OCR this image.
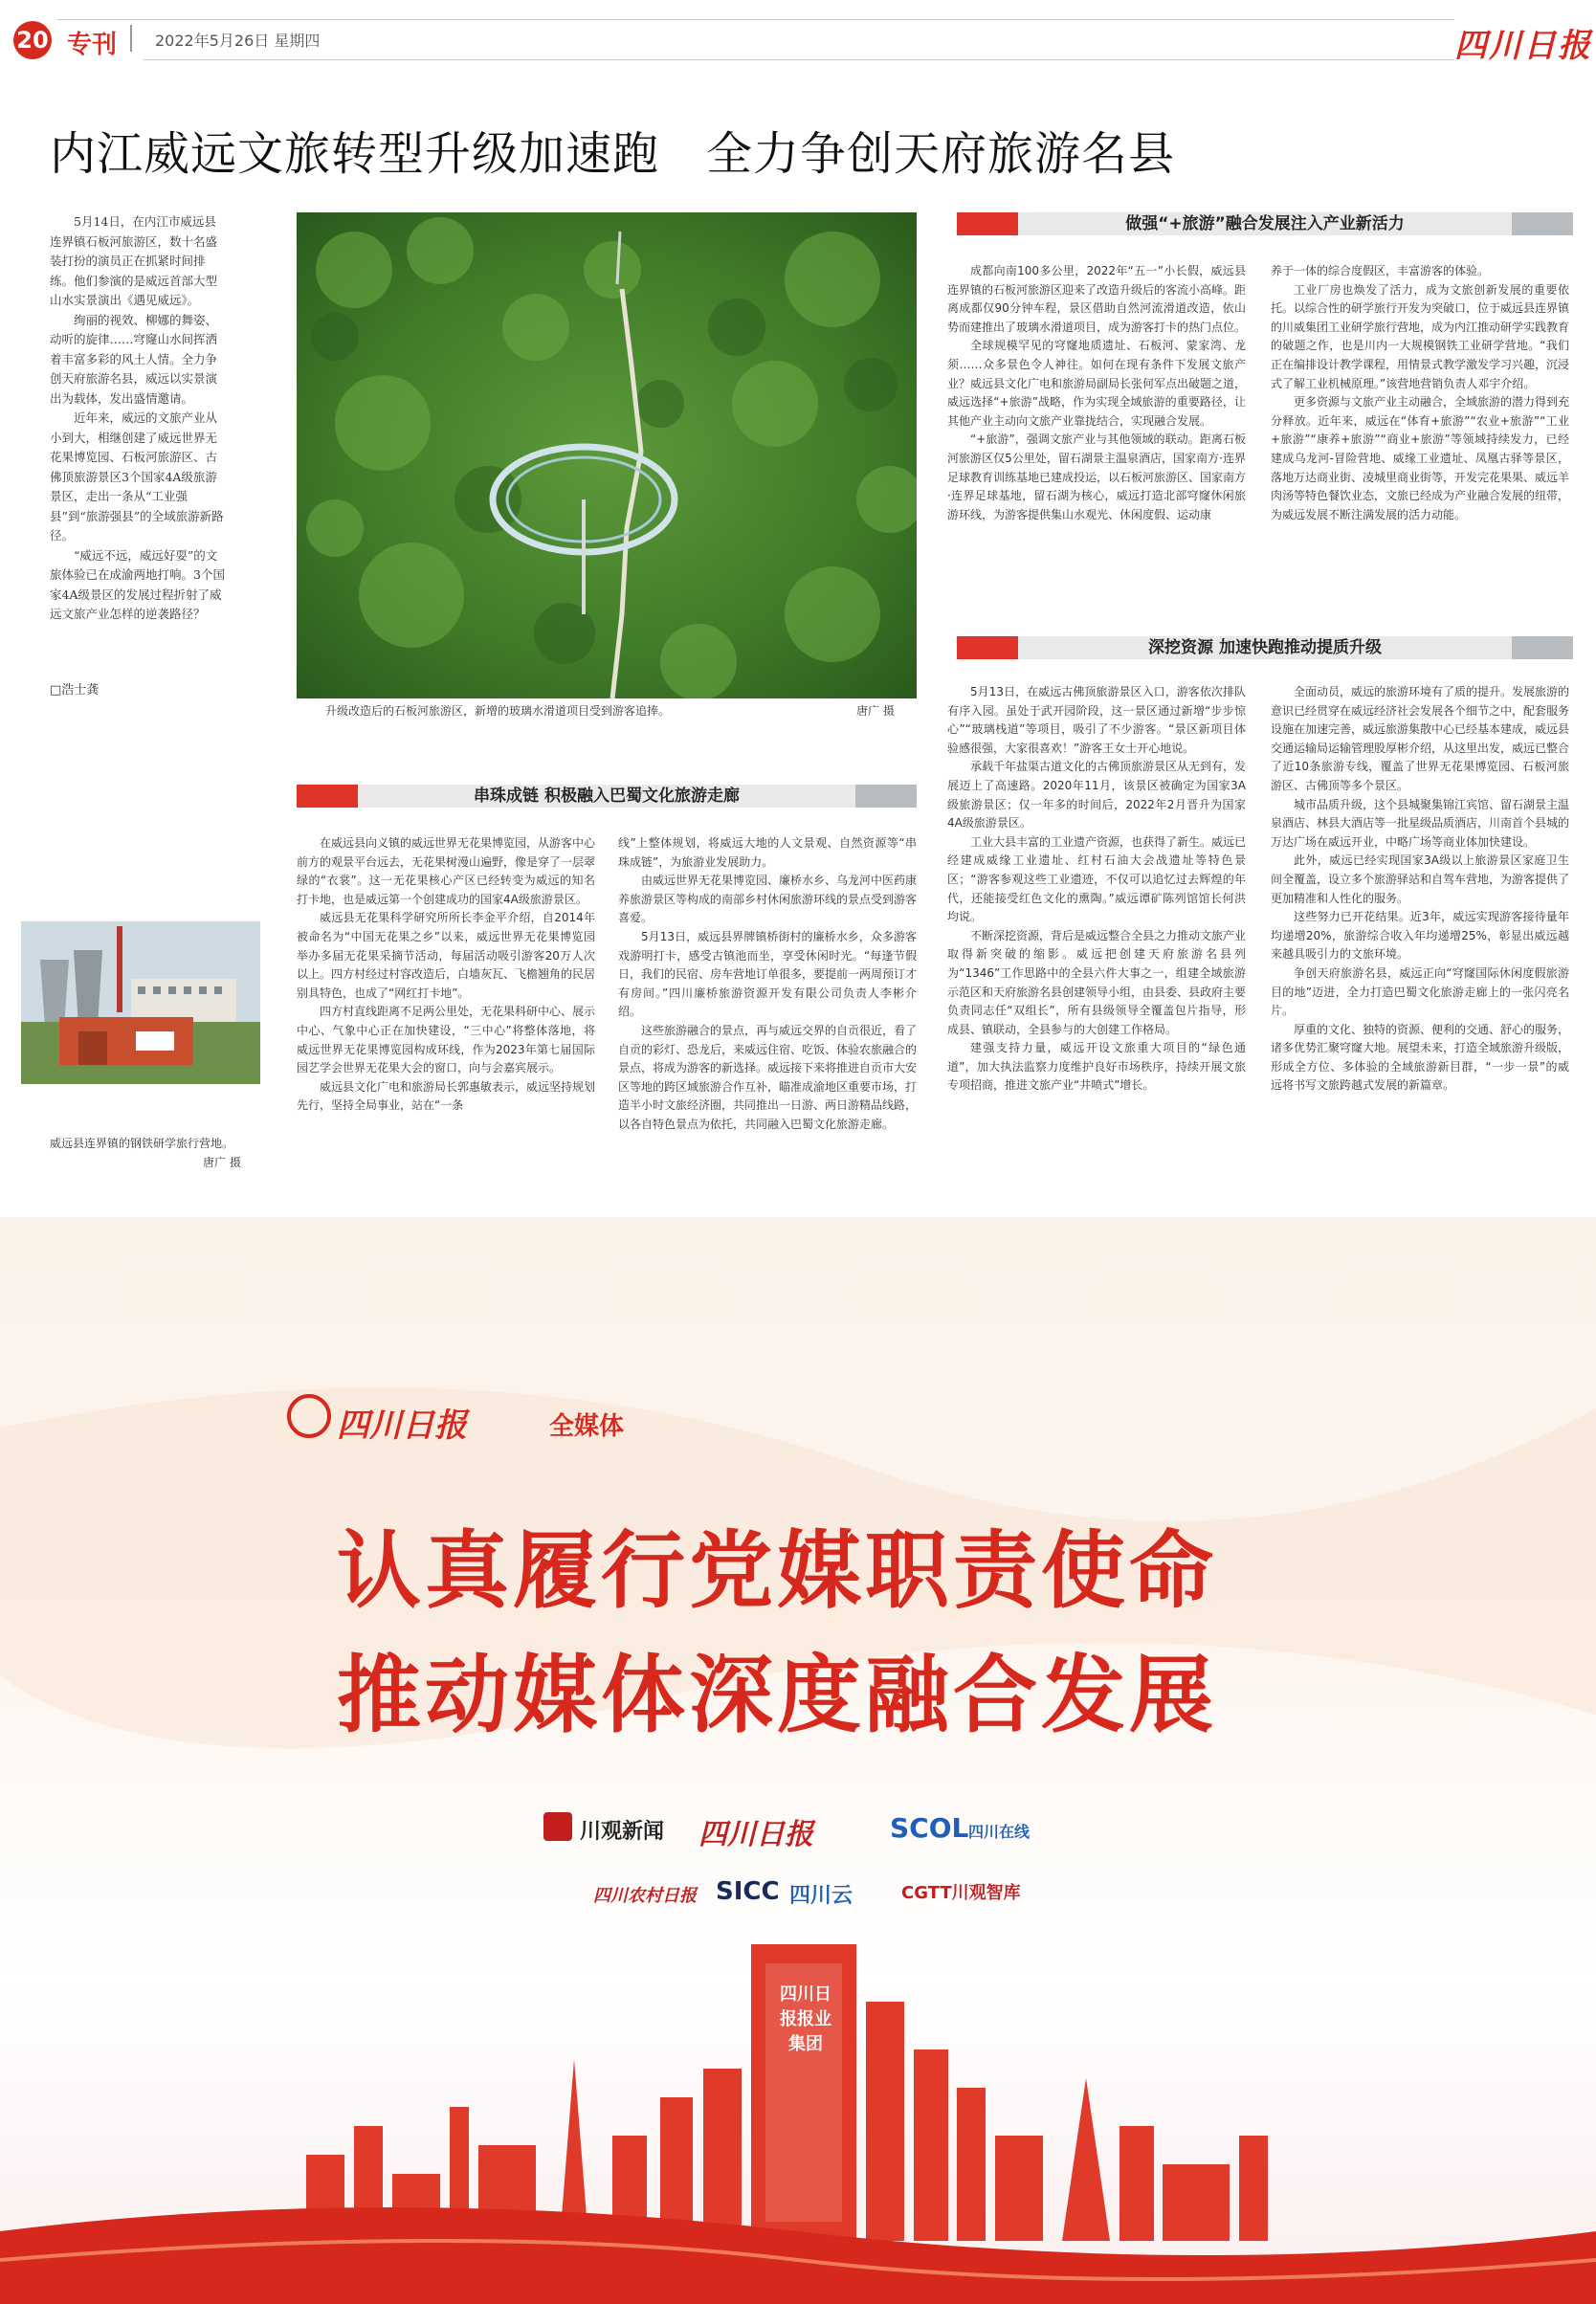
20 专刊 2022年5月26日 星期四	四川日报
内江威远文旅转型升级加速跑　全力争创天府旅游名县

5月14日，在内江市威远县连界镇石板河旅游区，数十名盛装打扮的演员正在抓紧时间排练。他们参演的是威远首部大型山水实景演出《遇见威远》。

绚丽的视效、柳娜的舞姿、动听的旋律……穹窿山水间挥洒着丰富多彩的风土人情。全力争创天府旅游名县，威远以实景演出为载体，发出盛情邀请。

近年来，威远的文旅产业从小到大，相继创建了威远世界无花果博览园、石板河旅游区、古佛顶旅游景区3个国家4A级旅游景区，走出一条从“工业强县”到“旅游强县”的全域旅游新路径。

“威远不远，威远好耍”的文旅体验已在成渝两地打响。3个国家4A级景区的发展过程折射了威远文旅产业怎样的逆袭路径？

□浩士龚
升级改造后的石板河旅游区，新增的玻璃水滑道项目受到游客追捧。	唐广 摄
做强“+旅游”融合发展注入产业新活力

成都向南100多公里，2022年“五一”小长假，威远县连界镇的石板河旅游区迎来了改造升级后的客流小高峰。距离成都仅90分钟车程，景区借助自然河流滑道改造，依山势而建推出了玻璃水滑道项目，成为游客打卡的热门点位。

全球规模罕见的穹窿地质遗址、石板河、蒙家湾、龙须……众多景色令人神往。如何在现有条件下发展文旅产业？威远县文化广电和旅游局副局长张何军点出破题之道，威远选择“+旅游”战略，作为实现全域旅游的重要路径，让其他产业主动向文旅产业靠拢结合，实现融合发展。

“+旅游”，强调文旅产业与其他领域的联动。距离石板河旅游区仅5公里处，留石湖景主温泉酒店，国家南方·连界足球教育训练基地已建成投运，以石板河旅游区、国家南方·连界足球基地，留石湖为核心，威远打造北部穹窿休闲旅游环线，为游客提供集山水观光、休闲度假、运动康

养于一体的综合度假区，丰富游客的体验。

工业厂房也焕发了活力，成为文旅创新发展的重要依托。以综合性的研学旅行开发为突破口，位于威远县连界镇的川威集团工业研学旅行营地，成为内江推动研学实践教育的破题之作，也是川内一大规模钢铁工业研学营地。“我们正在编排设计教学课程，用情景式教学激发学习兴趣，沉浸式了解工业机械原理。”该营地营销负责人邓宇介绍。

更多资源与文旅产业主动融合，全域旅游的潜力得到充分释放。近年来，威远在“体育+旅游”“农业+旅游”“工业+旅游”“康养+旅游”“商业+旅游”等领域持续发力，已经建成乌龙河-冒险营地、威缘工业遗址、凤凰古驿等景区，落地万达商业街、凌城里商业街等，开发完花果果、威远羊肉汤等特色餐饮业态，文旅已经成为产业融合发展的纽带，为威远发展不断注满发展的活力动能。

深挖资源 加速快跑推动提质升级

5月13日，在威远古佛顶旅游景区入口，游客依次排队有序入园。虽处于武开园阶段，这一景区通过新增“步步惊心”“玻璃栈道”等项目，吸引了不少游客。“景区新项目体验感很强，大家很喜欢！”游客王女士开心地说。

承载千年盐渠古道文化的古佛顶旅游景区从无到有，发展迈上了高速路。2020年11月，该景区被确定为国家3A级旅游景区；仅一年多的时间后，2022年2月晋升为国家4A级旅游景区。

工业大县丰富的工业遗产资源，也获得了新生。威远已经建成威缘工业遗址、红村石油大会战遗址等特色景区；“游客参观这些工业遗迹，不仅可以追忆过去辉煌的年代，还能接受红色文化的熏陶。”威远谭矿陈列馆馆长何洪均说。

不断深挖资源，背后是威远整合全县之力推动文旅产业取得新突破的缩影。威远把创建天府旅游名县列为“1346”工作思路中的全县六件大事之一，组建全域旅游示范区和天府旅游名县创建领导小组，由县委、县政府主要负责同志任“双组长”，所有县级领导全覆盖包片指导，形成县、镇联动，全县参与的大创建工作格局。

建强支持力量，威远开设文旅重大项目的“绿色通道”，加大执法监察力度维护良好市场秩序，持续开展文旅专项招商，推进文旅产业“井喷式”增长。

全面动员，威远的旅游环境有了质的提升。发展旅游的意识已经贯穿在威远经济社会发展各个细节之中，配套服务设施在加速完善，威远旅游集散中心已经基本建成，威远县交通运输局运输管理股厚彬介绍，从这里出发，威远已整合了近10条旅游专线，覆盖了世界无花果博览园、石板河旅游区、古佛顶等多个景区。

城市品质升级，这个县城聚集锦江宾馆、留石湖景主温泉酒店、林县大酒店等一批星级品质酒店，川南首个县城的万达广场在威远开业，中略广场等商业体加快建设。

此外，威远已经实现国家3A级以上旅游景区家庭卫生间全覆盖，设立多个旅游驿站和自驾车营地，为游客提供了更加精准和人性化的服务。

这些努力已开花结果。近3年，威远实现游客接待量年均递增20%，旅游综合收入年均递增25%，彰显出威远越来越具吸引力的文旅环境。

争创天府旅游名县，威远正向“穹窿国际休闲度假旅游目的地”迈进，全力打造巴蜀文化旅游走廊上的一张闪亮名片。

厚重的文化、独特的资源、便利的交通、舒心的服务，诸多优势汇聚穹窿大地。展望未来，打造全域旅游升级版，形成全方位、多体验的全域旅游新目群，“一步一景”的威远将书写文旅跨越式发展的新篇章。

串珠成链 积极融入巴蜀文化旅游走廊

在威远县向义镇的威远世界无花果博览园，从游客中心前方的观景平台远去，无花果树漫山遍野，像是穿了一层翠绿的“衣裳”。这一无花果核心产区已经转变为威远的知名打卡地，也是威远第一个创建成功的国家4A级旅游景区。

威远县无花果科学研究所所长李金平介绍，自2014年被命名为“中国无花果之乡”以来，威远世界无花果博览园举办多届无花果采摘节活动，每届活动吸引游客20万人次以上。四方村经过村容改造后，白墙灰瓦、飞檐翘角的民居别具特色，也成了“网红打卡地”。

四方村直线距离不足两公里处，无花果科研中心、展示中心、气象中心正在加快建设，“三中心”将整体落地，将威远世界无花果博览园构成环线，作为2023年第七届国际园艺学会世界无花果大会的窗口，向与会嘉宾展示。

威远县文化广电和旅游局长郭惠敏表示，威远坚持规划先行，坚持全局事业，站在“一条

线”上整体规划，将威远大地的人文景观、自然资源等“串珠成链”，为旅游业发展助力。

由威远世界无花果博览园、廉桥水乡、乌龙河中医药康养旅游景区等构成的南部乡村休闲旅游环线的景点受到游客喜爱。

5月13日，威远县界牌镇桥街村的廉桥水乡，众多游客戏游明打卡，感受古镇池而坐，享受休闲时光。“每逢节假日，我们的民宿、房车营地订单很多，要提前一两周预订才有房间。”四川廉桥旅游资源开发有限公司负责人李彬介绍。

这些旅游融合的景点，再与威远交界的自贡很近，看了自贡的彩灯、恐龙后，来威远住宿、吃饭、体验农旅融合的景点，将成为游客的新选择。威远接下来将推进自贡市大安区等地的跨区域旅游合作互补，瞄准成渝地区重要市场，打造半小时文旅经济圈，共同推出一日游、两日游精品线路，以各自特色景点为依托，共同融入巴蜀文化旅游走廊。

威远县连界镇的钢铁研学旅行营地。
唐广 摄
四川日报	全媒体
认真履行党媒职责使命
推动媒体深度融合发展
川观新闻 四川日报	SCOL 四川在线
四川农村日报 SICC 四川云	CGTT川观智库
四川日报报业集团
